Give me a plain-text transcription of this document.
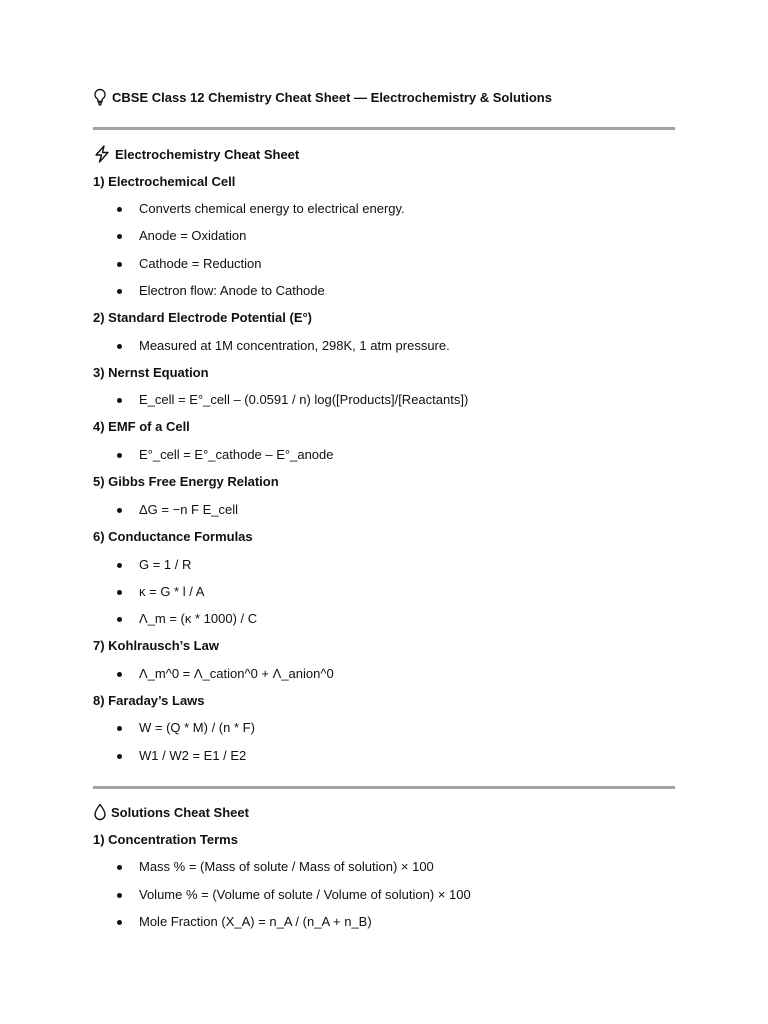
CBSE Class 12 Chemistry Cheat Sheet — Electrochemistry & Solutions
Electrochemistry Cheat Sheet
1) Electrochemical Cell
Converts chemical energy to electrical energy.
Anode = Oxidation
Cathode = Reduction
Electron flow: Anode to Cathode
2) Standard Electrode Potential (E°)
Measured at 1M concentration, 298K, 1 atm pressure.
3) Nernst Equation
E_cell = E°_cell – (0.0591 / n) log([Products]/[Reactants])
4) EMF of a Cell
E°_cell = E°_cathode – E°_anode
5) Gibbs Free Energy Relation
ΔG = −n F E_cell
6) Conductance Formulas
G = 1 / R
κ = G * l / A
Λ_m = (κ * 1000) / C
7) Kohlrausch’s Law
Λ_m^0 = Λ_cation^0 + Λ_anion^0
8) Faraday’s Laws
W = (Q * M) / (n * F)
W1 / W2 = E1 / E2
Solutions Cheat Sheet
1) Concentration Terms
Mass % = (Mass of solute / Mass of solution) × 100
Volume % = (Volume of solute / Volume of solution) × 100
Mole Fraction (X_A) = n_A / (n_A + n_B)
